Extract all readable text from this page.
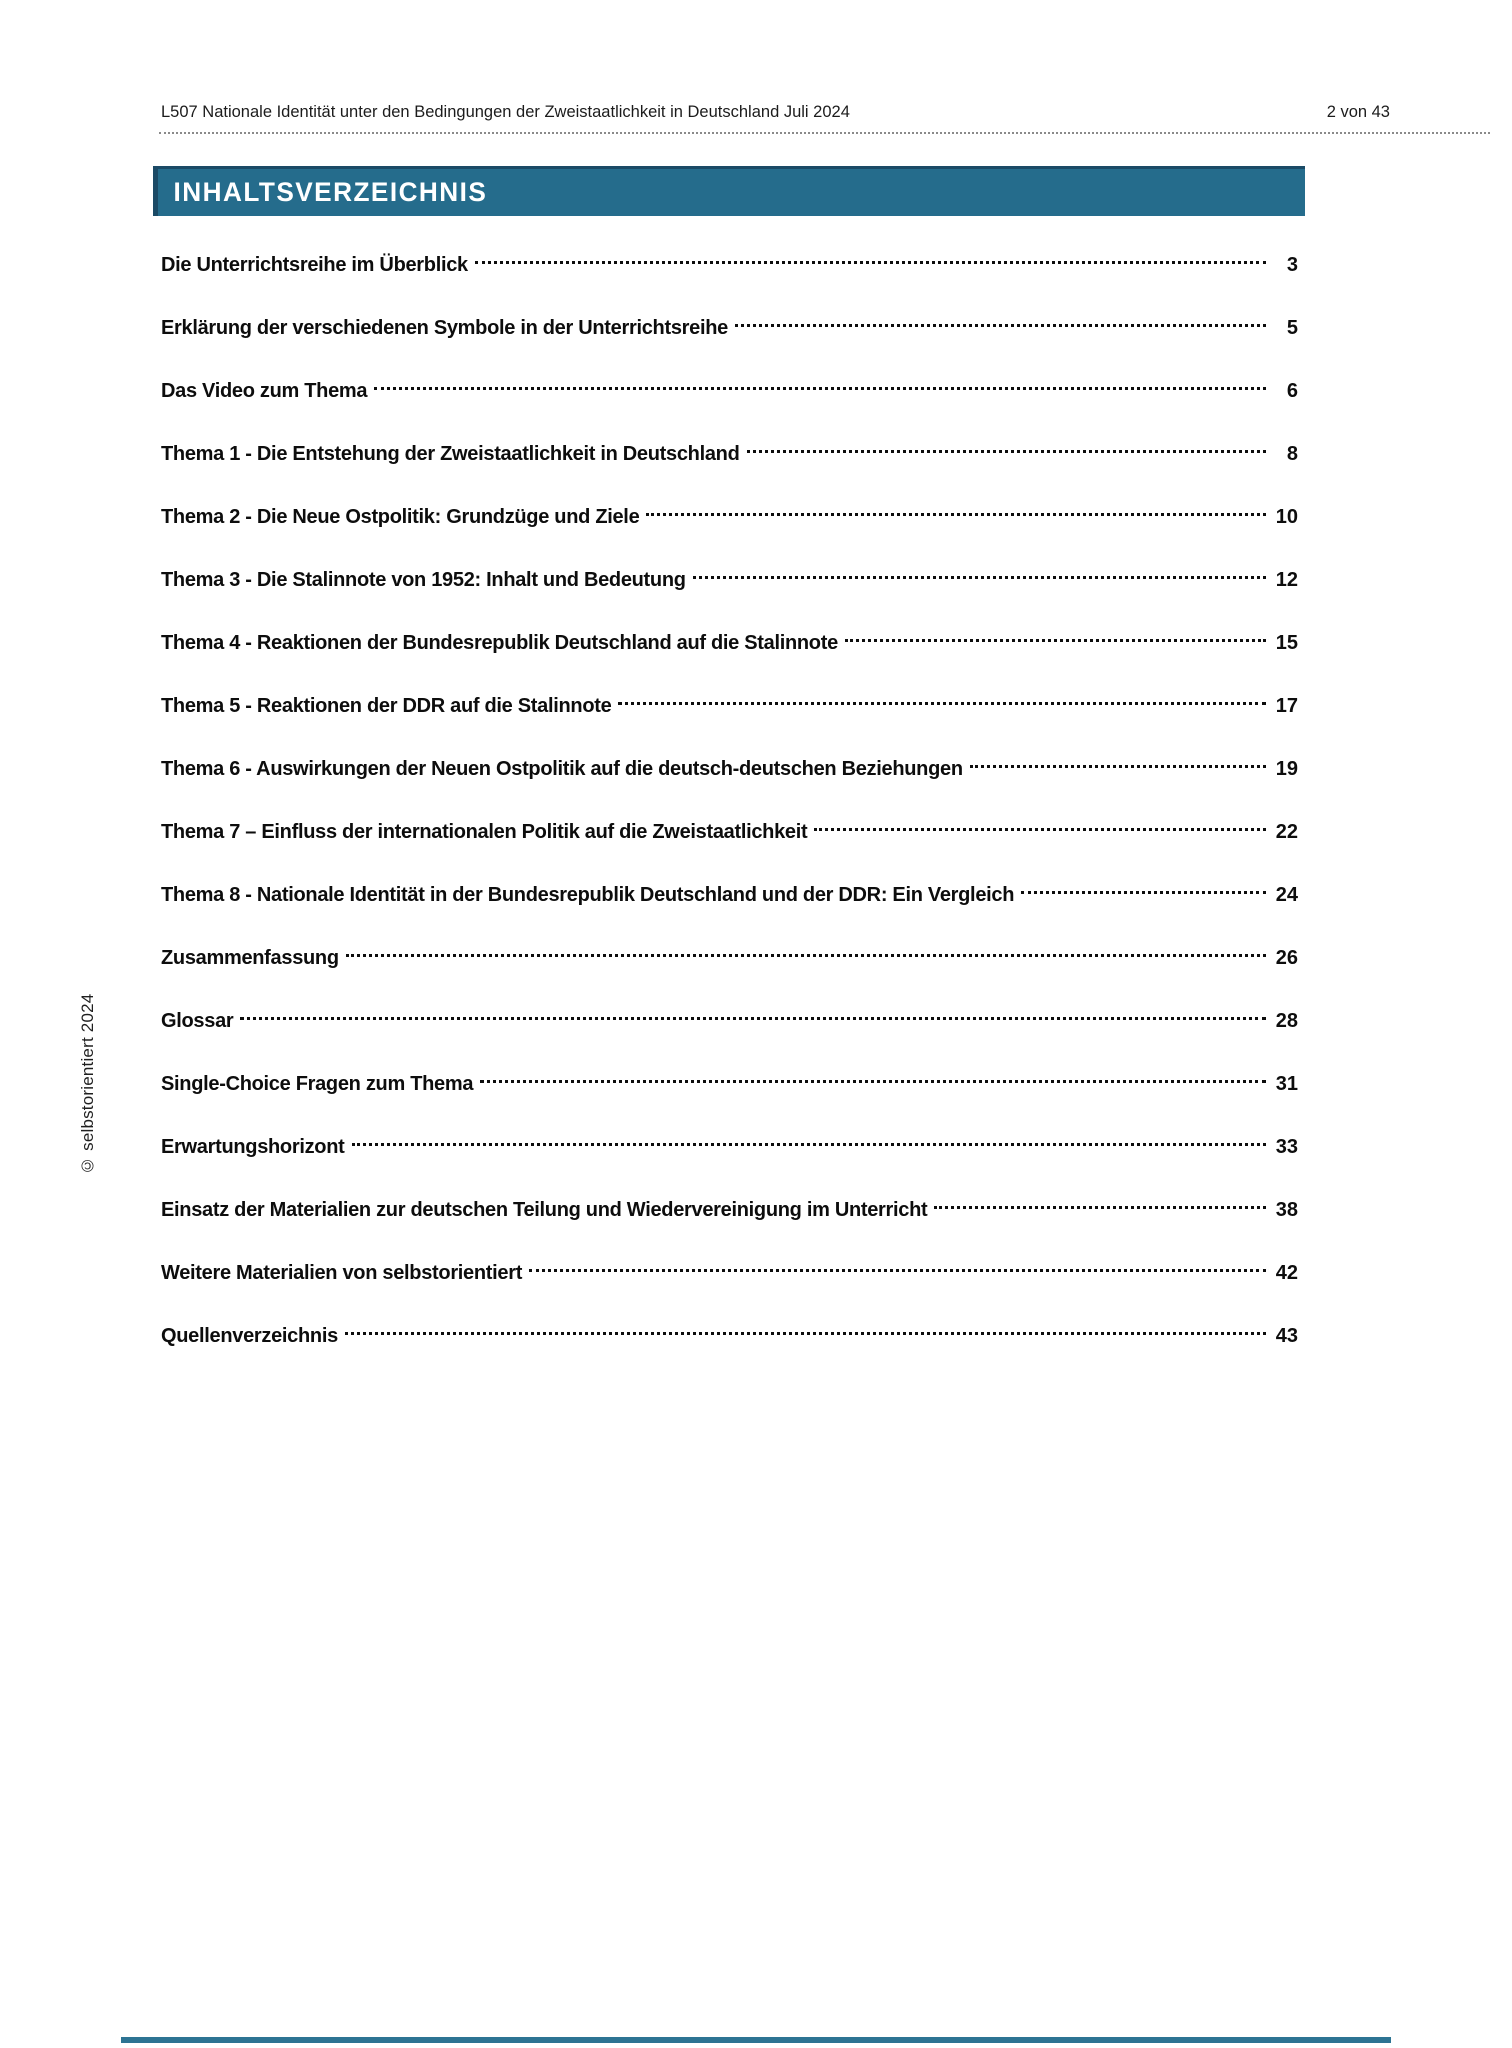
L507 Nationale Identität unter den Bedingungen der Zweistaatlichkeit in Deutschland Juli 2024	2 von 43
INHALTSVERZEICHNIS
Die Unterrichtsreihe im Überblick	3
Erklärung der verschiedenen Symbole in der Unterrichtsreihe	5
Das Video zum Thema	6
Thema 1 - Die Entstehung der Zweistaatlichkeit in Deutschland	8
Thema 2 - Die Neue Ostpolitik: Grundzüge und Ziele	10
Thema 3 - Die Stalinnote von 1952: Inhalt und Bedeutung	12
Thema 4 - Reaktionen der Bundesrepublik Deutschland auf die Stalinnote	15
Thema 5 - Reaktionen der DDR auf die Stalinnote	17
Thema 6 - Auswirkungen der Neuen Ostpolitik auf die deutsch-deutschen Beziehungen	19
Thema 7 – Einfluss der internationalen Politik auf die Zweistaatlichkeit	22
Thema 8 - Nationale Identität in der Bundesrepublik Deutschland und der DDR: Ein Vergleich	24
Zusammenfassung	26
Glossar	28
Single-Choice Fragen zum Thema	31
Erwartungshorizont	33
Einsatz der Materialien zur deutschen Teilung und Wiedervereinigung im Unterricht	38
Weitere Materialien von selbstorientiert	42
Quellenverzeichnis	43
© selbstorientiert 2024
